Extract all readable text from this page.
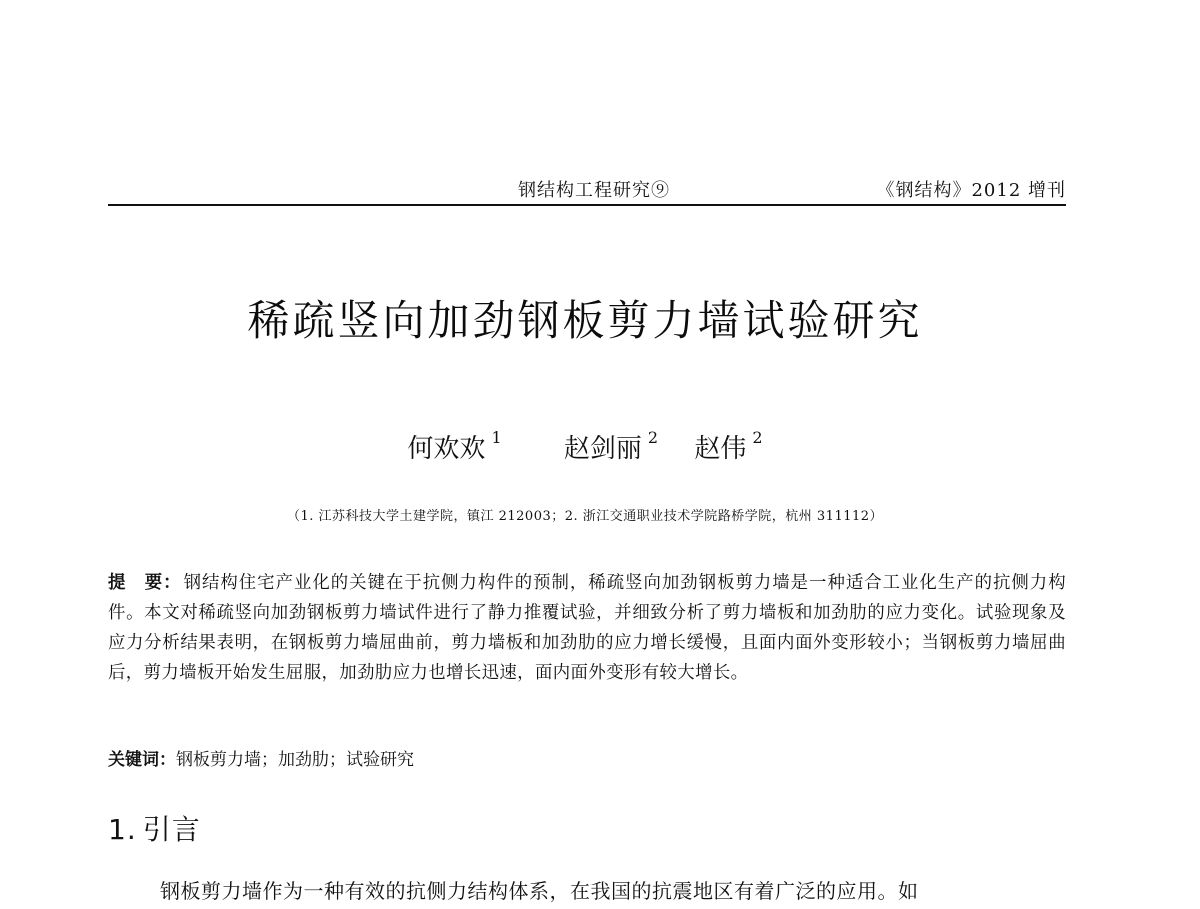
钢结构工程研究⑨	《钢结构》2012 增刊
稀疏竖向加劲钢板剪力墙试验研究
何欢欢 $^1$ 赵剑丽 $^2$ 赵伟 $^2$
（1. 江苏科技大学土建学院，镇江 212003；2. 浙江交通职业技术学院路桥学院，杭州 311112）
提　要： 钢结构住宅产业化的关键在于抗侧力构件的预制，稀疏竖向加劲钢板剪力墙是一种适合工业化生产的抗侧力构件。本文对稀疏竖向加劲钢板剪力墙试件进行了静力推覆试验，并细致分析了剪力墙板和加劲肋的应力变化。试验现象及应力分析结果表明，在钢板剪力墙屈曲前，剪力墙板和加劲肋的应力增长缓慢，且面内面外变形较小；当钢板剪力墙屈曲后，剪力墙板开始发生屈服，加劲肋应力也增长迅速，面内面外变形有较大增长。
关键词：钢板剪力墙；加劲肋；试验研究
1. 引言
钢板剪力墙作为一种有效的抗侧力结构体系，在我国的抗震地区有着广泛的应用。如
